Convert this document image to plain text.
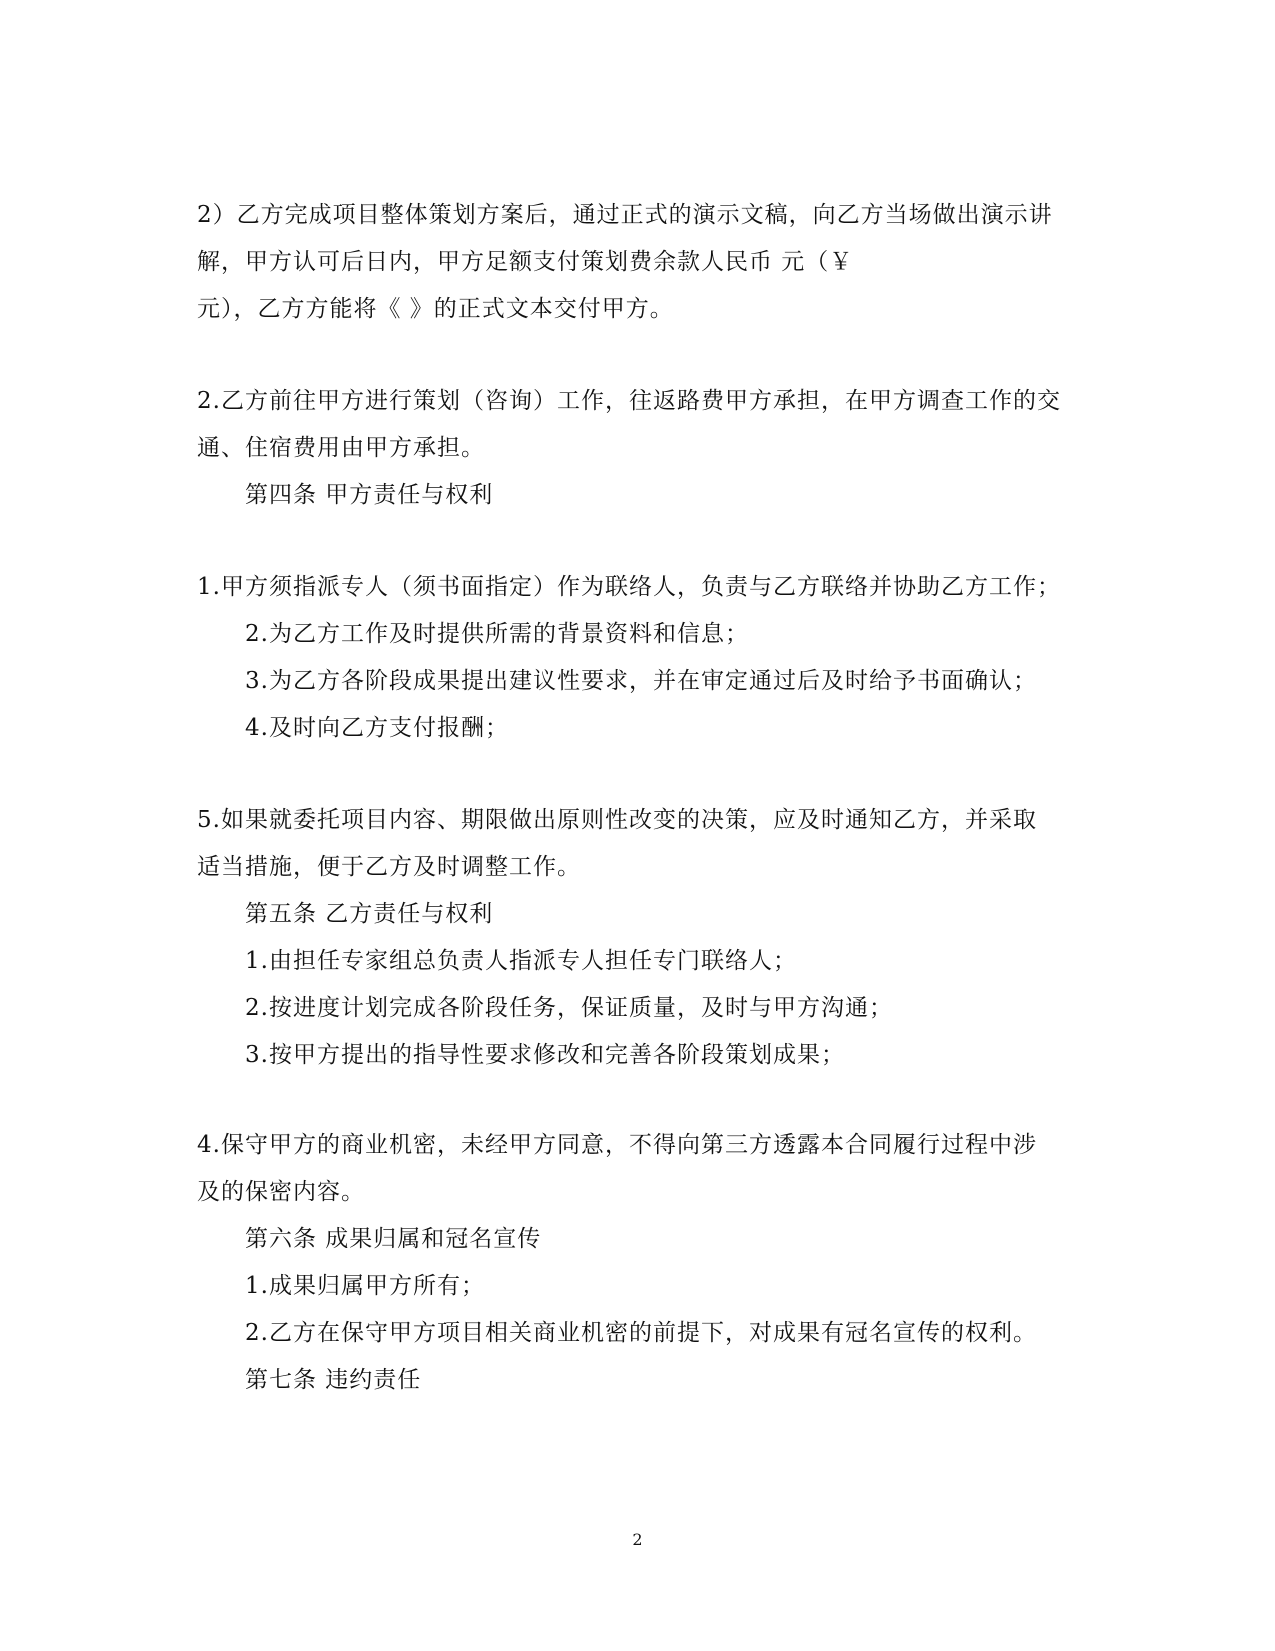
2）乙方完成项目整体策划方案后，通过正式的演示文稿，向乙方当场做出演示讲
解，甲方认可后日内，甲方足额支付策划费余款人民币 元（￥
元），乙方方能将《 》的正式文本交付甲方。
2.乙方前往甲方进行策划（咨询）工作，往返路费甲方承担，在甲方调查工作的交
通、住宿费用由甲方承担。
第四条 甲方责任与权利
1.甲方须指派专人（须书面指定）作为联络人，负责与乙方联络并协助乙方工作；
2.为乙方工作及时提供所需的背景资料和信息；
3.为乙方各阶段成果提出建议性要求，并在审定通过后及时给予书面确认；
4.及时向乙方支付报酬；
5.如果就委托项目内容、期限做出原则性改变的决策，应及时通知乙方，并采取
适当措施，便于乙方及时调整工作。
第五条 乙方责任与权利
1.由担任专家组总负责人指派专人担任专门联络人；
2.按进度计划完成各阶段任务，保证质量，及时与甲方沟通；
3.按甲方提出的指导性要求修改和完善各阶段策划成果；
4.保守甲方的商业机密，未经甲方同意，不得向第三方透露本合同履行过程中涉
及的保密内容。
第六条 成果归属和冠名宣传
1.成果归属甲方所有；
2.乙方在保守甲方项目相关商业机密的前提下，对成果有冠名宣传的权利。
第七条 违约责任
2
